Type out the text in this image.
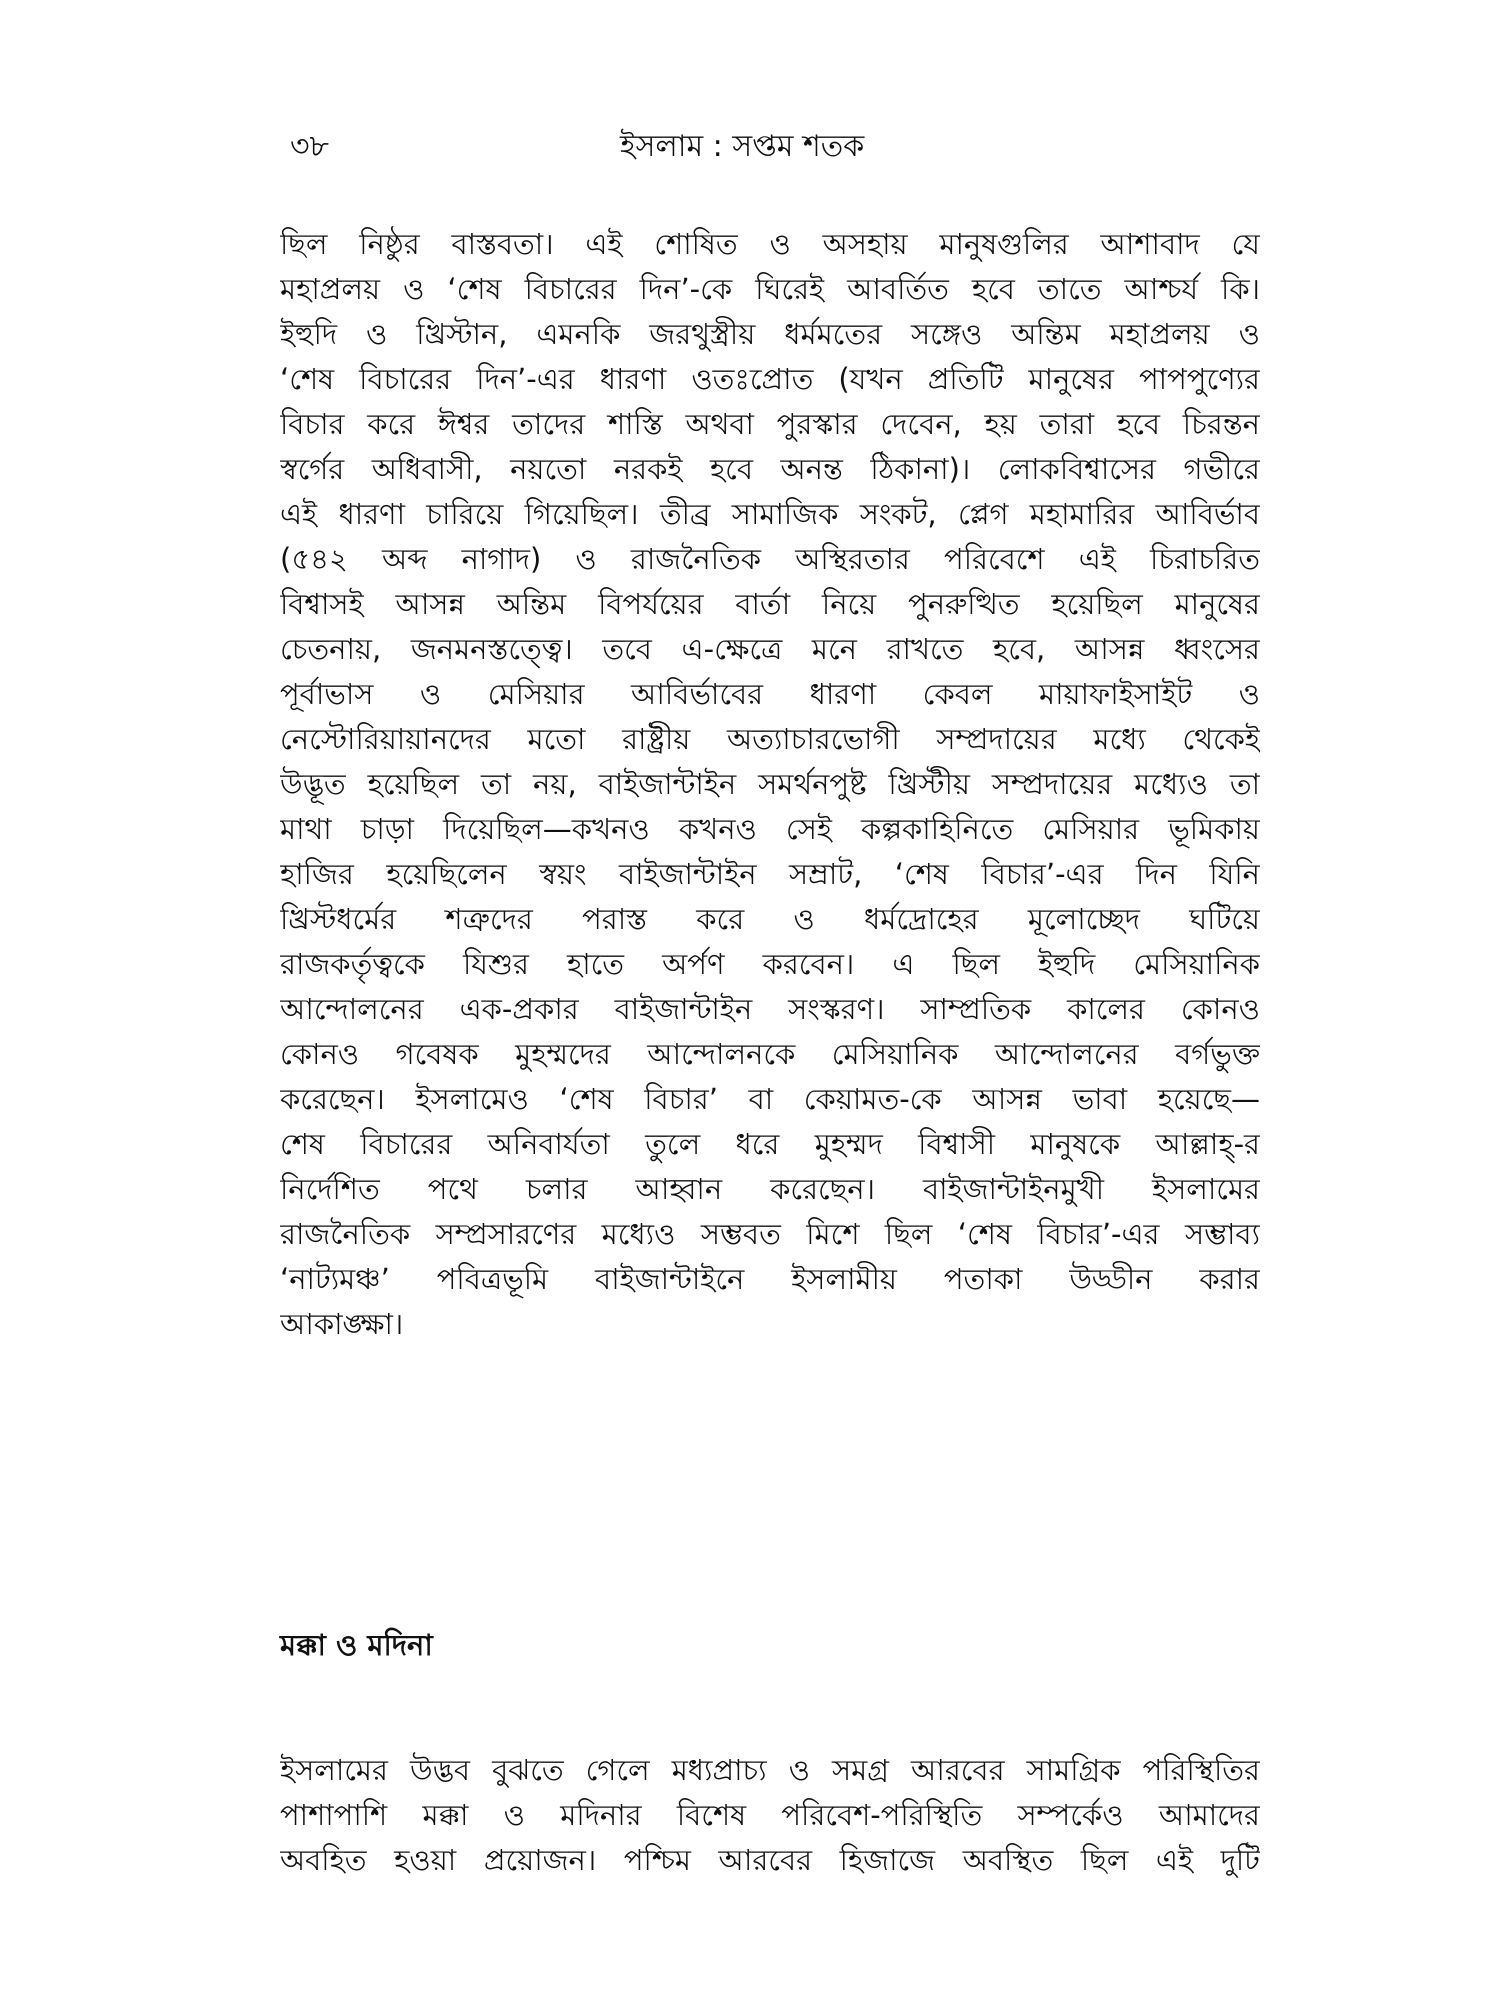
৩৮	ইসলাম : সপ্তম শতক

ছিল নিষ্ঠুর বাস্তবতা। এই শোষিত ও অসহায় মানুষগুলির আশাবাদ যে
মহাপ্রলয় ও ‘শেষ বিচারের দিন’-কে ঘিরেই আবর্তিত হবে তাতে আশ্চর্য কি।
ইহুদি ও খ্রিস্টান, এমনকি জরথুস্ত্রীয় ধর্মমতের সঙ্গেও অন্তিম মহাপ্রলয় ও
‘শেষ বিচারের দিন’-এর ধারণা ওতঃপ্রোত (যখন প্রতিটি মানুষের পাপপুণ্যের
বিচার করে ঈশ্বর তাদের শাস্তি অথবা পুরস্কার দেবেন, হয় তারা হবে চিরন্তন
স্বর্গের অধিবাসী, নয়তো নরকই হবে অনন্ত ঠিকানা)। লোকবিশ্বাসের গভীরে
এই ধারণা চারিয়ে গিয়েছিল। তীব্র সামাজিক সংকট, প্লেগ মহামারির আবির্ভাব
(৫৪২ অব্দ নাগাদ) ও রাজনৈতিক অস্থিরতার পরিবেশে এই চিরাচরিত
বিশ্বাসই আসন্ন অন্তিম বিপর্যয়ের বার্তা নিয়ে পুনরুত্থিত হয়েছিল মানুষের
চেতনায়, জনমনস্তত্ত্বে। তবে এ-ক্ষেত্রে মনে রাখতে হবে, আসন্ন ধ্বংসের
পূর্বাভাস ও মেসিয়ার আবির্ভাবের ধারণা কেবল মায়াফাইসাইট ও
নেস্টোরিয়ায়ানদের মতো রাষ্ট্রীয় অত্যাচারভোগী সম্প্রদায়ের মধ্যে থেকেই
উদ্ভূত হয়েছিল তা নয়, বাইজান্টাইন সমর্থনপুষ্ট খ্রিস্টীয় সম্প্রদায়ের মধ্যেও তা
মাথা চাড়া দিয়েছিল—কখনও কখনও সেই কল্পকাহিনিতে মেসিয়ার ভূমিকায়
হাজির হয়েছিলেন স্বয়ং বাইজান্টাইন সম্রাট, ‘শেষ বিচার’-এর দিন যিনি
খ্রিস্টধর্মের শত্রুদের পরাস্ত করে ও ধর্মদ্রোহের মূলোচ্ছেদ ঘটিয়ে
রাজকর্তৃত্বকে যিশুর হাতে অর্পণ করবেন। এ ছিল ইহুদি মেসিয়ানিক
আন্দোলনের এক-প্রকার বাইজান্টাইন সংস্করণ। সাম্প্রতিক কালের কোনও
কোনও গবেষক মুহম্মদের আন্দোলনকে মেসিয়ানিক আন্দোলনের বর্গভুক্ত
করেছেন। ইসলামেও ‘শেষ বিচার’ বা কেয়ামত-কে আসন্ন ভাবা হয়েছে—
শেষ বিচারের অনিবার্যতা তুলে ধরে মুহম্মদ বিশ্বাসী মানুষকে আল্লাহ্-র
নির্দেশিত পথে চলার আহ্বান করেছেন। বাইজান্টাইনমুখী ইসলামের
রাজনৈতিক সম্প্রসারণের মধ্যেও সম্ভবত মিশে ছিল ‘শেষ বিচার’-এর সম্ভাব্য
‘নাট্যমঞ্চ’ পবিত্রভূমি বাইজান্টাইনে ইসলামীয় পতাকা উড্ডীন করার
আকাঙ্ক্ষা।

মক্কা ও মদিনা

ইসলামের উদ্ভব বুঝতে গেলে মধ্যপ্রাচ্য ও সমগ্র আরবের সামগ্রিক পরিস্থিতির
পাশাপাশি মক্কা ও মদিনার বিশেষ পরিবেশ-পরিস্থিতি সম্পর্কেও আমাদের
অবহিত হওয়া প্রয়োজন। পশ্চিম আরবের হিজাজে অবস্থিত ছিল এই দুটি
